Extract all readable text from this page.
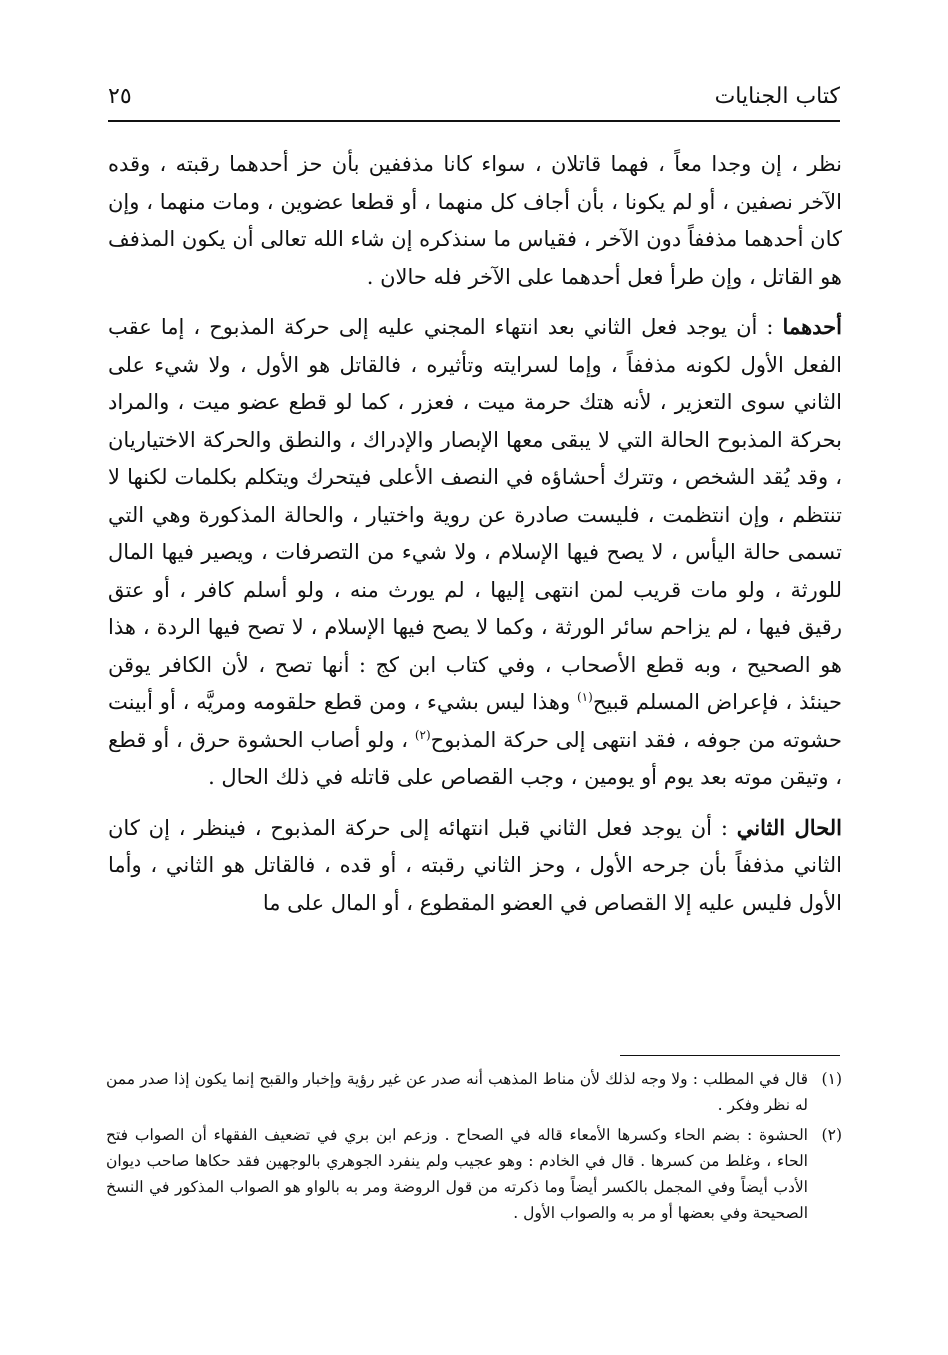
كتاب الجنايات
٢٥

نظر ، إن وجدا معاً ، فهما قاتلان ، سواء كانا مذففين بأن حز أحدهما رقبته ، وقده الآخر نصفين ، أو لم يكونا ، بأن أجاف كل منهما ، أو قطعا عضوين ، ومات منهما ، وإن كان أحدهما مذففاً دون الآخر ، فقياس ما سنذكره إن شاء الله تعالى أن يكون المذفف هو القاتل ، وإن طرأ فعل أحدهما على الآخر فله حالان .

أحدهما : أن يوجد فعل الثاني بعد انتهاء المجني عليه إلى حركة المذبوح ، إما عقب الفعل الأول لكونه مذففاً ، وإما لسرايته وتأثيره ، فالقاتل هو الأول ، ولا شيء على الثاني سوى التعزير ، لأنه هتك حرمة ميت ، فعزر ، كما لو قطع عضو ميت ، والمراد بحركة المذبوح الحالة التي لا يبقى معها الإبصار والإدراك ، والنطق والحركة الاختياريان ، وقد يُقد الشخص ، وتترك أحشاؤه في النصف الأعلى فيتحرك ويتكلم بكلمات لكنها لا تنتظم ، وإن انتظمت ، فليست صادرة عن روية واختيار ، والحالة المذكورة وهي التي تسمى حالة اليأس ، لا يصح فيها الإسلام ، ولا شيء من التصرفات ، ويصير فيها المال للورثة ، ولو مات قريب لمن انتهى إليها ، لم يورث منه ، ولو أسلم كافر ، أو عتق رقيق فيها ، لم يزاحم سائر الورثة ، وكما لا يصح فيها الإسلام ، لا تصح فيها الردة ، هذا هو الصحيح ، وبه قطع الأصحاب ، وفي كتاب ابن كج : أنها تصح ، لأن الكافر يوقن حينئذ ، فإعراض المسلم قبيح$^{(١)}$ وهذا ليس بشيء ، ومن قطع حلقومه ومريَّه ، أو أبينت حشوته من جوفه ، فقد انتهى إلى حركة المذبوح$^{(٢)}$ ، ولو أصاب الحشوة حرق ، أو قطع ، وتيقن موته بعد يوم أو يومين ، وجب القصاص على قاتله في ذلك الحال .

الحال الثاني : أن يوجد فعل الثاني قبل انتهائه إلى حركة المذبوح ، فينظر ، إن كان الثاني مذففاً بأن جرحه الأول ، وحز الثاني رقبته ، أو قده ، فالقاتل هو الثاني ، وأما الأول فليس عليه إلا القصاص في العضو المقطوع ، أو المال على ما

(١)
قال في المطلب : ولا وجه لذلك لأن مناط المذهب أنه صدر عن غير رؤية وإخبار والقبح إنما يكون إذا صدر ممن له نظر وفكر .
(٢)
الحشوة : بضم الحاء وكسرها الأمعاء قاله في الصحاح . وزعم ابن بري في تضعيف الفقهاء أن الصواب فتح الحاء ، وغلط من كسرها . قال في الخادم : وهو عجيب ولم ينفرد الجوهري بالوجهين فقد حكاها صاحب ديوان الأدب أيضاً وفي المجمل بالكسر أيضاً وما ذكرته من قول الروضة ومر به بالواو هو الصواب المذكور في النسخ الصحيحة وفي بعضها أو مر به والصواب الأول .
